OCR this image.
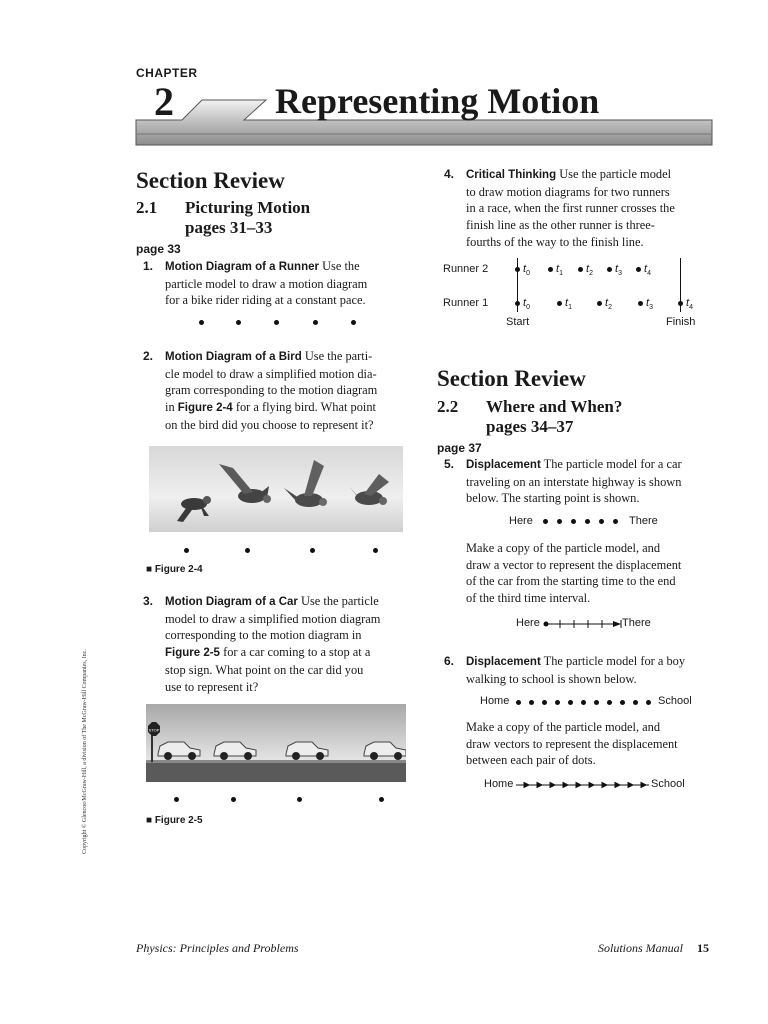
CHAPTER
2	Representing Motion
Section Review
2.1 Picturing Motion
pages 31–33
page 33
1. Motion Diagram of a Runner Use the
particle model to draw a motion diagram
for a bike rider riding at a constant pace.
2. Motion Diagram of a Bird Use the parti-
cle model to draw a simplified motion dia-
gram corresponding to the motion diagram
in Figure 2-4 for a flying bird. What point
on the bird did you choose to represent it?
■ Figure 2-4
3. Motion Diagram of a Car Use the particle
model to draw a simplified motion diagram
corresponding to the motion diagram in
Figure 2-5 for a car coming to a stop at a
stop sign. What point on the car did you
use to represent it?
STOP
■ Figure 2-5
4. Critical Thinking Use the particle model
to draw motion diagrams for two runners
in a race, when the first runner crosses the
finish line as the other runner is three-
fourths of the way to the finish line.
Runner 2
Runner 1
$t_0$ $t_1$ $t_2$ $t_3$ $t_4$
$t_0$	$t_1$	$t_2$	$t_3$	$t_4$
Start	Finish
Section Review
2.2 Where and When?
pages 34–37
page 37
5. Displacement The particle model for a car
traveling on an interstate highway is shown
below. The starting point is shown.
Here	There
Make a copy of the particle model, and
draw a vector to represent the displacement
of the car from the starting time to the end
of the third time interval.
Here	There
6. Displacement The particle model for a boy
walking to school is shown below.
Home	School
Make a copy of the particle model, and
draw vectors to represent the displacement
between each pair of dots.
Home	School
Copyright © Glencoe/McGraw-Hill, a division of The McGraw-Hill Companies, Inc.
Physics: Principles and Problems	Solutions Manual 15
